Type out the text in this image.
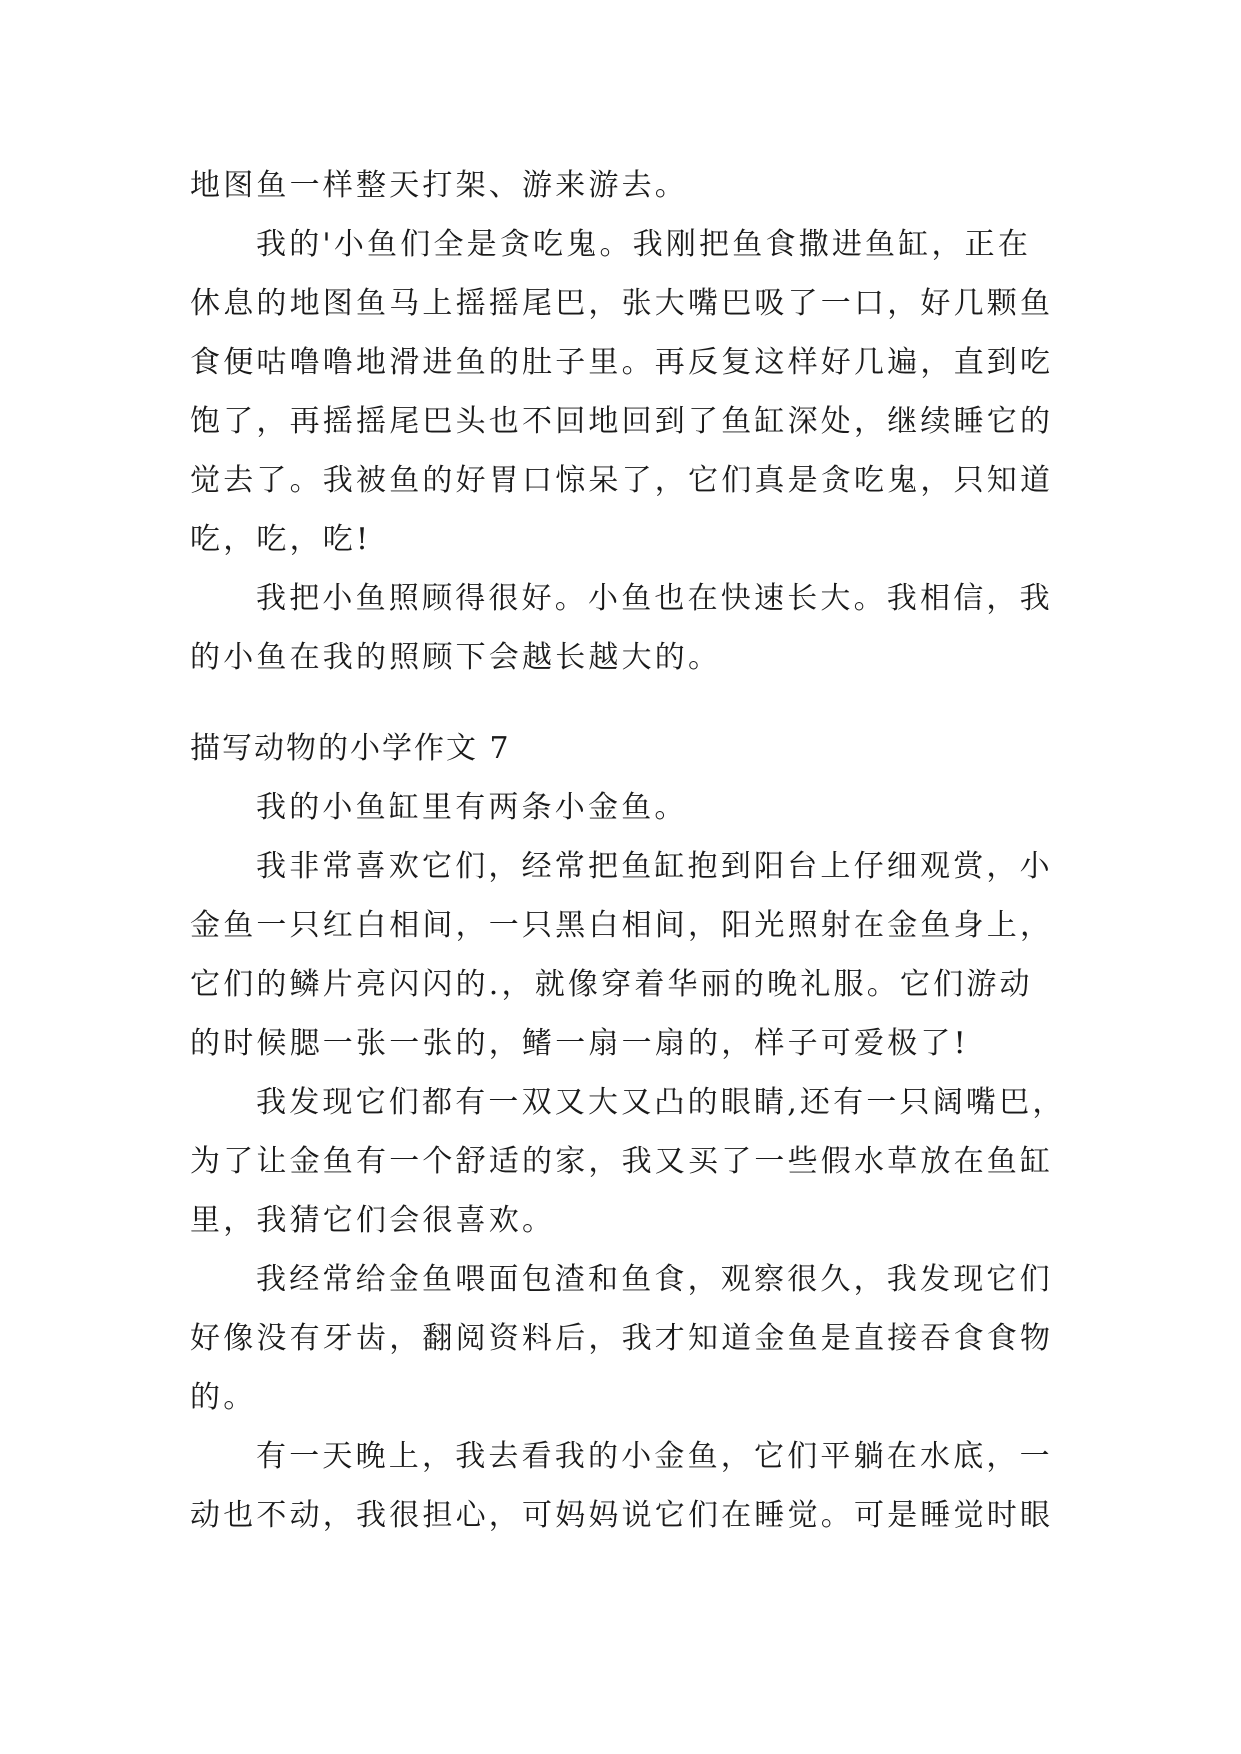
地图鱼一样整天打架、游来游去。
我的'小鱼们全是贪吃鬼。我刚把鱼食撒进鱼缸，正在
休息的地图鱼马上摇摇尾巴，张大嘴巴吸了一口，好几颗鱼
食便咕噜噜地滑进鱼的肚子里。再反复这样好几遍，直到吃
饱了，再摇摇尾巴头也不回地回到了鱼缸深处，继续睡它的
觉去了。我被鱼的好胃口惊呆了，它们真是贪吃鬼，只知道
吃，吃，吃!
我把小鱼照顾得很好。小鱼也在快速长大。我相信，我
的小鱼在我的照顾下会越长越大的。
描写动物的小学作文 7
我的小鱼缸里有两条小金鱼。
我非常喜欢它们，经常把鱼缸抱到阳台上仔细观赏，小
金鱼一只红白相间，一只黑白相间，阳光照射在金鱼身上，
它们的鳞片亮闪闪的.，就像穿着华丽的晚礼服。它们游动
的时候腮一张一张的，鳍一扇一扇的，样子可爱极了!
我发现它们都有一双又大又凸的眼睛,还有一只阔嘴巴，
为了让金鱼有一个舒适的家，我又买了一些假水草放在鱼缸
里，我猜它们会很喜欢。
我经常给金鱼喂面包渣和鱼食，观察很久，我发现它们
好像没有牙齿，翻阅资料后，我才知道金鱼是直接吞食食物
的。
有一天晚上，我去看我的小金鱼，它们平躺在水底，一
动也不动，我很担心，可妈妈说它们在睡觉。可是睡觉时眼
